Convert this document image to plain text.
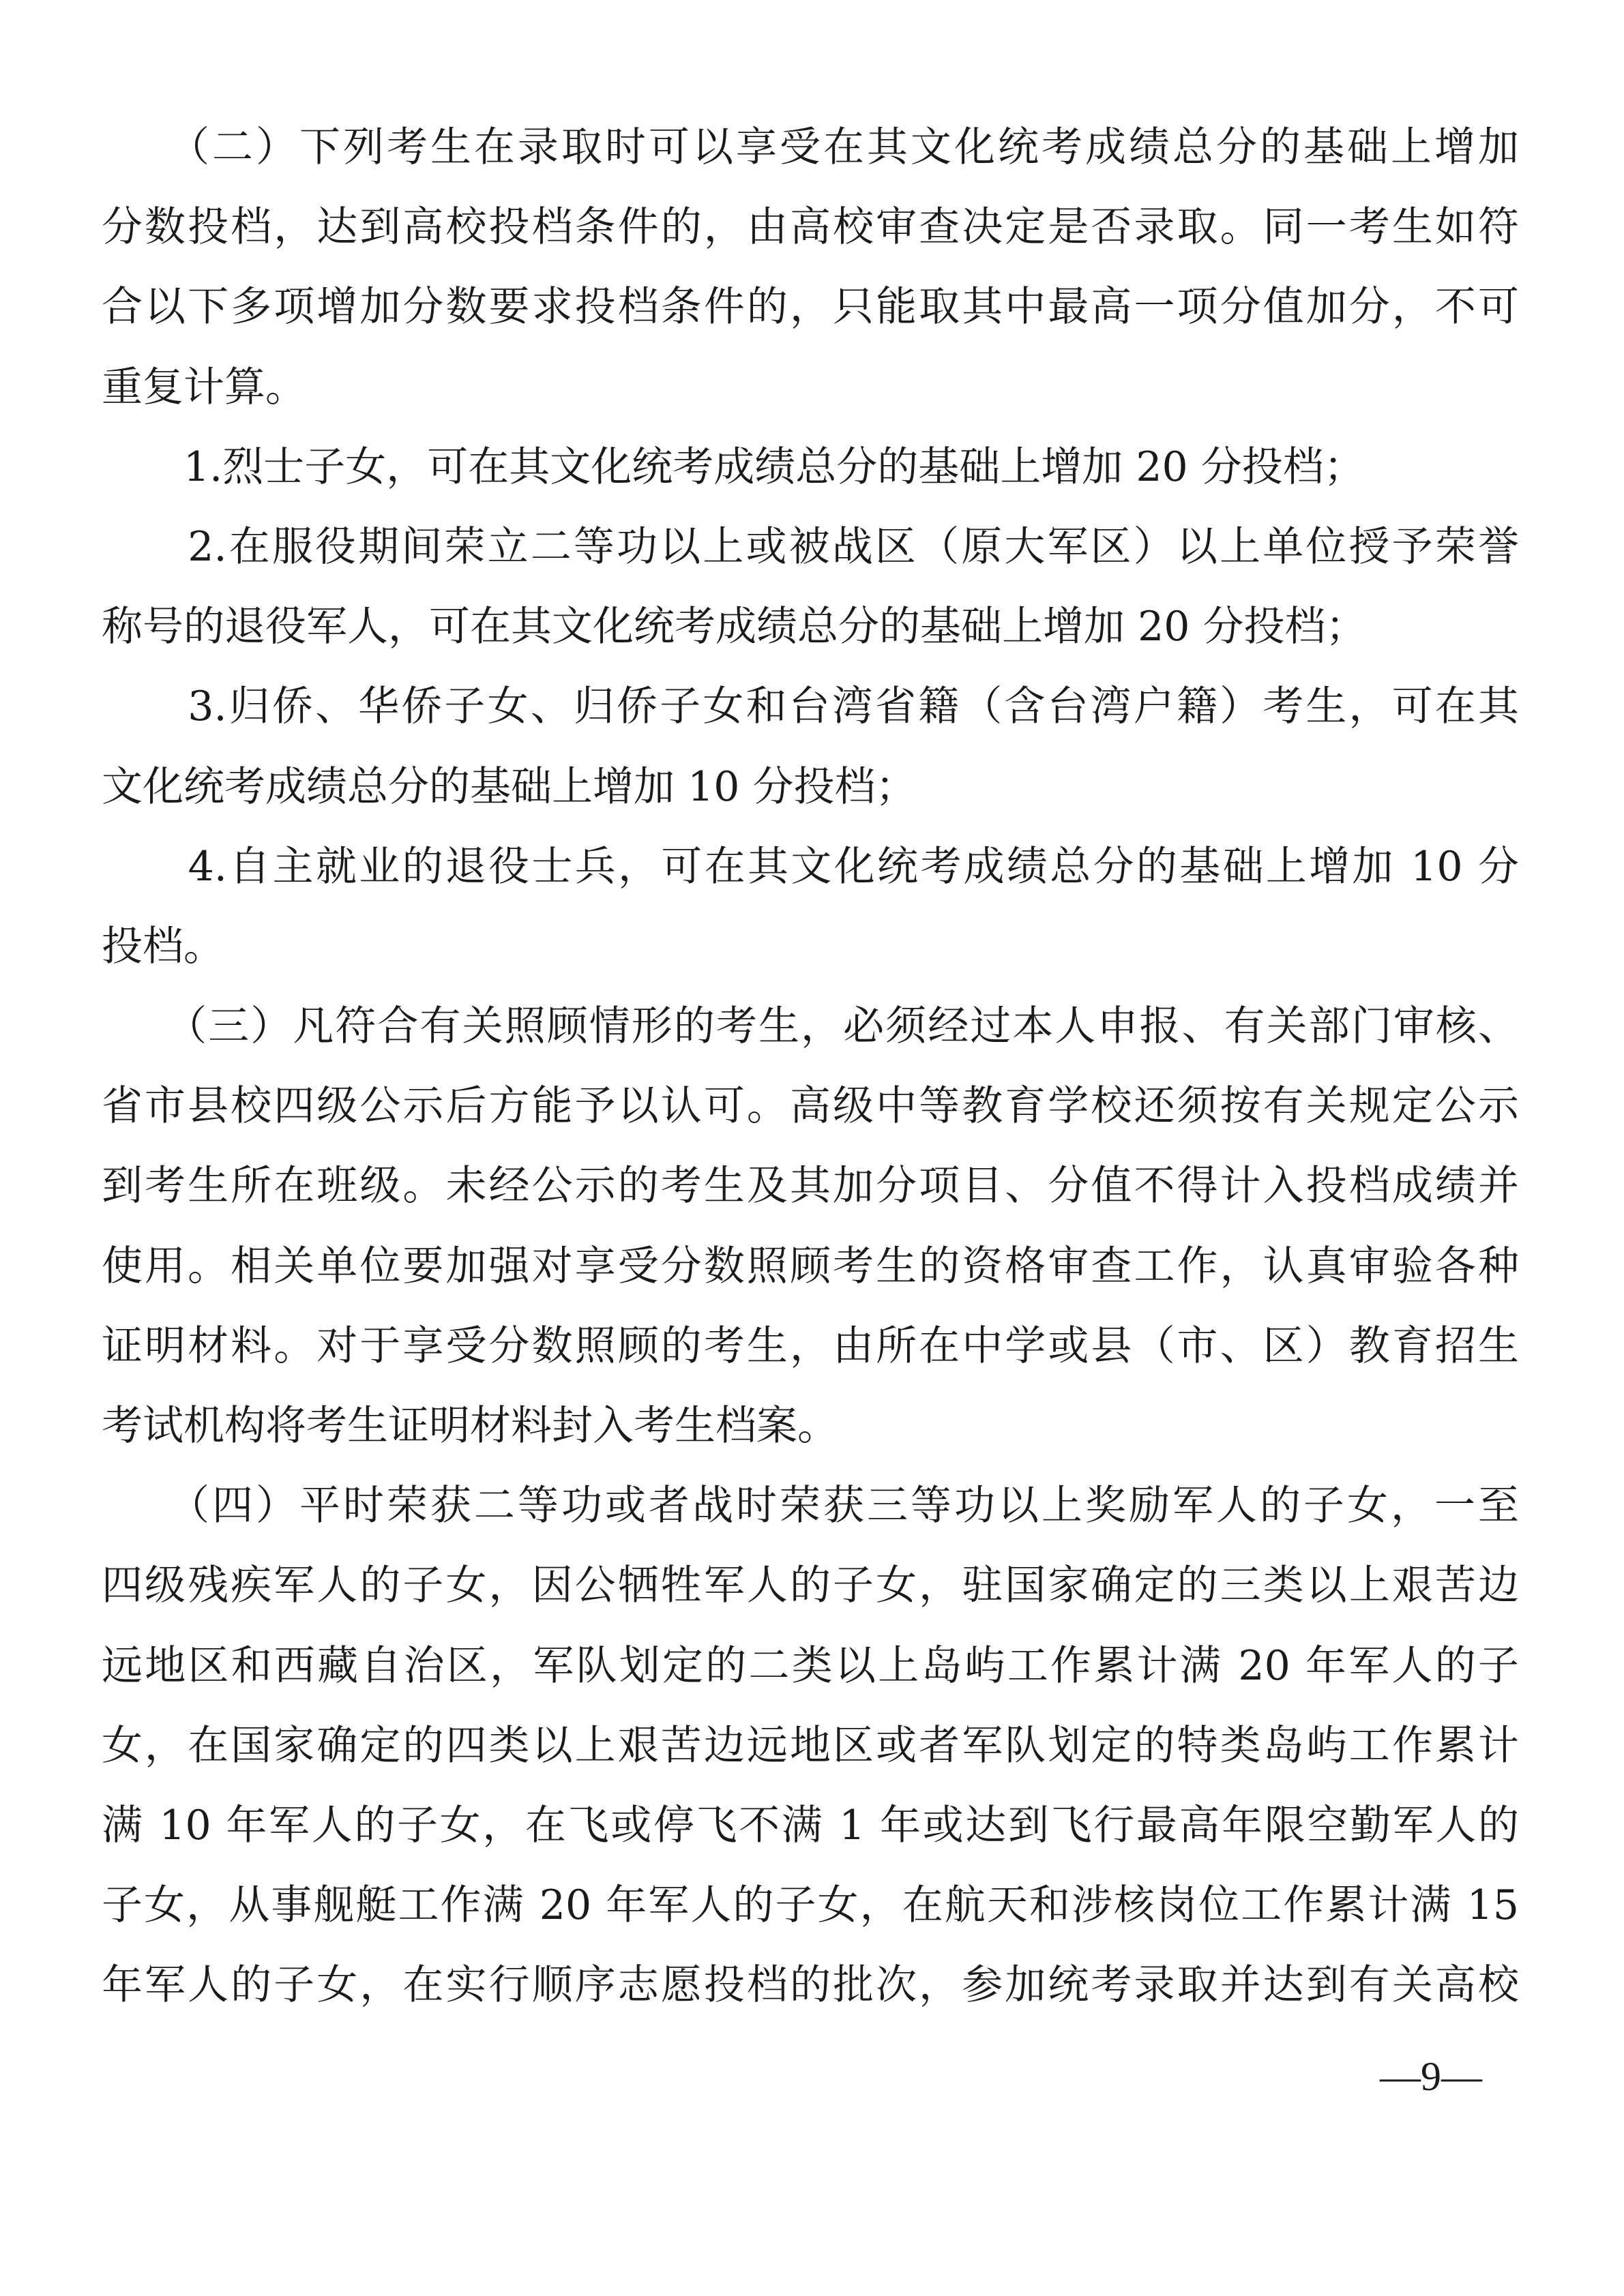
　　（二）下列考生在录取时可以享受在其文化统考成绩总分的基础上增加
分数投档，达到高校投档条件的，由高校审查决定是否录取。同一考生如符
合以下多项增加分数要求投档条件的，只能取其中最高一项分值加分，不可
重复计算。
　　1.烈士子女，可在其文化统考成绩总分的基础上增加 20 分投档；
　　2.在服役期间荣立二等功以上或被战区（原大军区）以上单位授予荣誉
称号的退役军人，可在其文化统考成绩总分的基础上增加 20 分投档；
　　3.归侨、华侨子女、归侨子女和台湾省籍（含台湾户籍）考生，可在其
文化统考成绩总分的基础上增加 10 分投档；
　　4.自主就业的退役士兵，可在其文化统考成绩总分的基础上增加 10 分
投档。
　　（三）凡符合有关照顾情形的考生，必须经过本人申报、有关部门审核、
省市县校四级公示后方能予以认可。高级中等教育学校还须按有关规定公示
到考生所在班级。未经公示的考生及其加分项目、分值不得计入投档成绩并
使用。相关单位要加强对享受分数照顾考生的资格审查工作，认真审验各种
证明材料。对于享受分数照顾的考生，由所在中学或县（市、区）教育招生
考试机构将考生证明材料封入考生档案。
　　（四）平时荣获二等功或者战时荣获三等功以上奖励军人的子女，一至
四级残疾军人的子女，因公牺牲军人的子女，驻国家确定的三类以上艰苦边
远地区和西藏自治区，军队划定的二类以上岛屿工作累计满 20 年军人的子
女，在国家确定的四类以上艰苦边远地区或者军队划定的特类岛屿工作累计
满 10 年军人的子女，在飞或停飞不满 1 年或达到飞行最高年限空勤军人的
子女，从事舰艇工作满 20 年军人的子女，在航天和涉核岗位工作累计满 15
年军人的子女，在实行顺序志愿投档的批次，参加统考录取并达到有关高校
—9—
